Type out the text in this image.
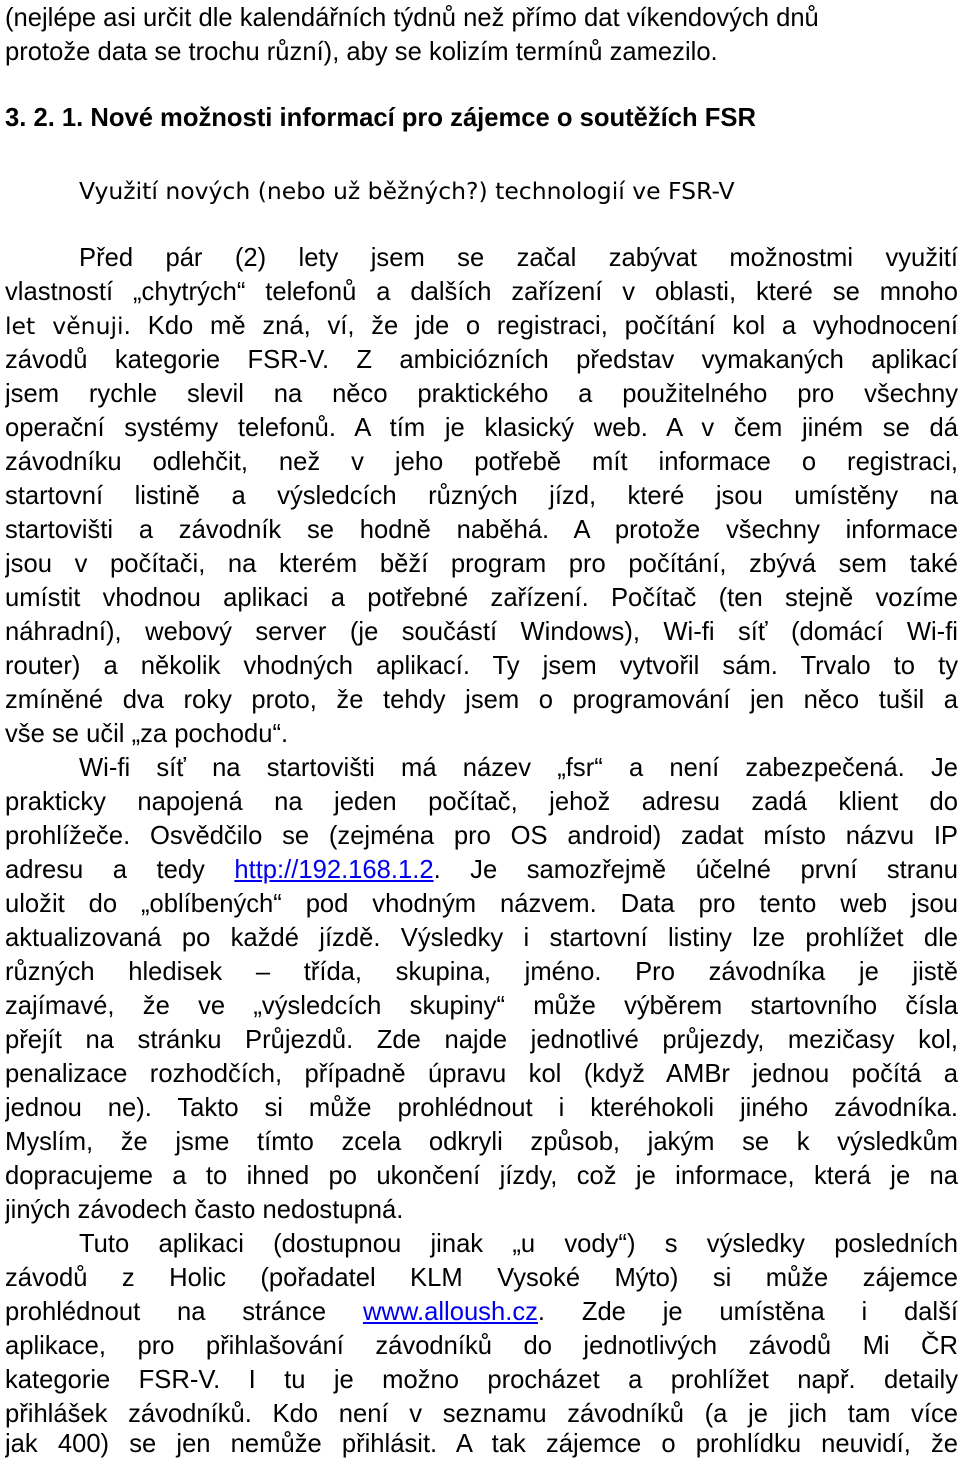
(nejlépe asi určit dle kalendářních týdnů než přímo dat víkendových dnů
protože data se trochu různí), aby se kolizím termínů zamezilo.
3. 2. 1. Nové možnosti informací pro zájemce o soutěžích FSR
Využití nových (nebo už běžných?) technologií ve FSR-V
Před pár (2) lety jsem se začal zabývat možnostmi využití
vlastností „chytrých“ telefonů a dalších zařízení v oblasti, které se mnoho
let věnuji. Kdo mě zná, ví, že jde o registraci, počítání kol a vyhodnocení
závodů kategorie FSR-V. Z ambiciózních představ vymakaných aplikací
jsem rychle slevil na něco praktického a použitelného pro všechny
operační systémy telefonů. A tím je klasický web. A v čem jiném se dá
závodníku odlehčit, než v jeho potřebě mít informace o registraci,
startovní listině a výsledcích různých jízd, které jsou umístěny na
startovišti a závodník se hodně naběhá. A protože všechny informace
jsou v počítači, na kterém běží program pro počítání, zbývá sem také
umístit vhodnou aplikaci a potřebné zařízení. Počítač (ten stejně vozíme
náhradní), webový server (je součástí Windows), Wi-fi síť (domácí Wi-fi
router) a několik vhodných aplikací. Ty jsem vytvořil sám. Trvalo to ty
zmíněné dva roky proto, že tehdy jsem o programování jen něco tušil a
vše se učil „za pochodu“.
Wi-fi síť na startovišti má název „fsr“ a není zabezpečená. Je
prakticky napojená na jeden počítač, jehož adresu zadá klient do
prohlížeče. Osvědčilo se (zejména pro OS android) zadat místo názvu IP
adresu a tedy http://192.168.1.2. Je samozřejmě účelné první stranu
uložit do „oblíbených“ pod vhodným názvem. Data pro tento web jsou
aktualizovaná po každé jízdě. Výsledky i startovní listiny lze prohlížet dle
různých hledisek – třída, skupina, jméno. Pro závodníka je jistě
zajímavé, že ve „výsledcích skupiny“ může výběrem startovního čísla
přejít na stránku Průjezdů. Zde najde jednotlivé průjezdy, mezičasy kol,
penalizace rozhodčích, případně úpravu kol (když AMBr jednou počítá a
jednou ne). Takto si může prohlédnout i kteréhokoli jiného závodníka.
Myslím, že jsme tímto zcela odkryli způsob, jakým se k výsledkům
dopracujeme a to ihned po ukončení jízdy, což je informace, která je na
jiných závodech často nedostupná.
Tuto aplikaci (dostupnou jinak „u vody“) s výsledky posledních
závodů z Holic (pořadatel KLM Vysoké Mýto) si může zájemce
prohlédnout na stránce www.alloush.cz. Zde je umístěna i další
aplikace, pro přihlašování závodníků do jednotlivých závodů Mi ČR
kategorie FSR-V. I tu je možno procházet a prohlížet např. detaily
přihlášek závodníků. Kdo není v seznamu závodníků (a je jich tam více
jak 400) se jen nemůže přihlásit. A tak zájemce o prohlídku neuvidí, že
